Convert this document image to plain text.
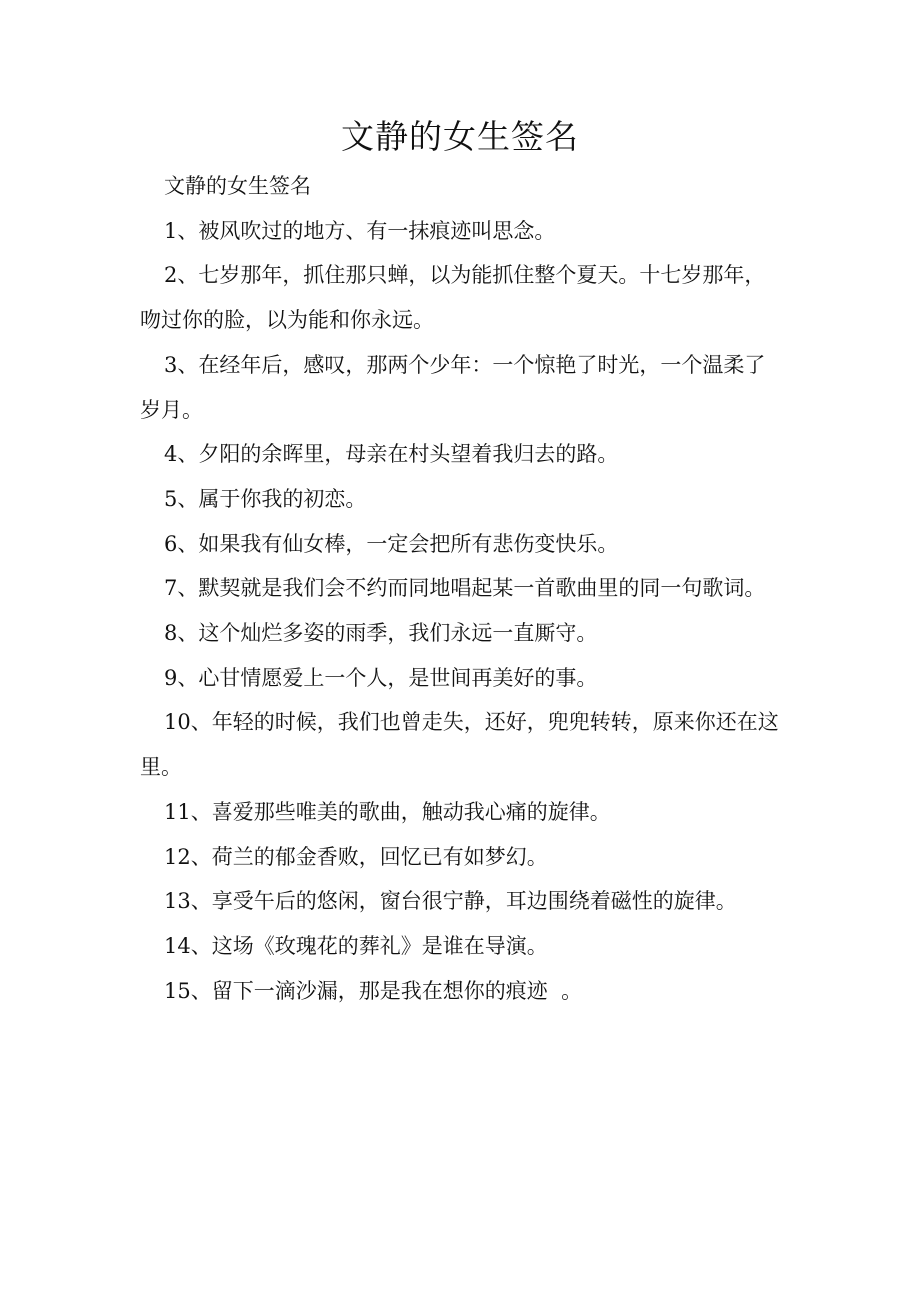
文静的女生签名

文静的女生签名

1、被风吹过的地方、有一抹痕迹叫思念。

2、七岁那年，抓住那只蝉，以为能抓住整个夏天。十七岁那年，吻过你的脸，以为能和你永远。

3、在经年后，感叹，那两个少年：一个惊艳了时光，一个温柔了岁月。

4、夕阳的余晖里，母亲在村头望着我归去的路。

5、属于你我的初恋。

6、如果我有仙女棒，一定会把所有悲伤变快乐。

7、默契就是我们会不约而同地唱起某一首歌曲里的同一句歌词。

8、这个灿烂多姿的雨季，我们永远一直厮守。

9、心甘情愿爱上一个人，是世间再美好的事。

10、年轻的时候，我们也曾走失，还好，兜兜转转，原来你还在这里。

11、喜爱那些唯美的歌曲，触动我心痛的旋律。

12、荷兰的郁金香败，回忆已有如梦幻。

13、享受午后的悠闲，窗台很宁静，耳边围绕着磁性的旋律。

14、这场《玫瑰花的葬礼》是谁在导演。

15、留下一滴沙漏，那是我在想你的痕迹  。
